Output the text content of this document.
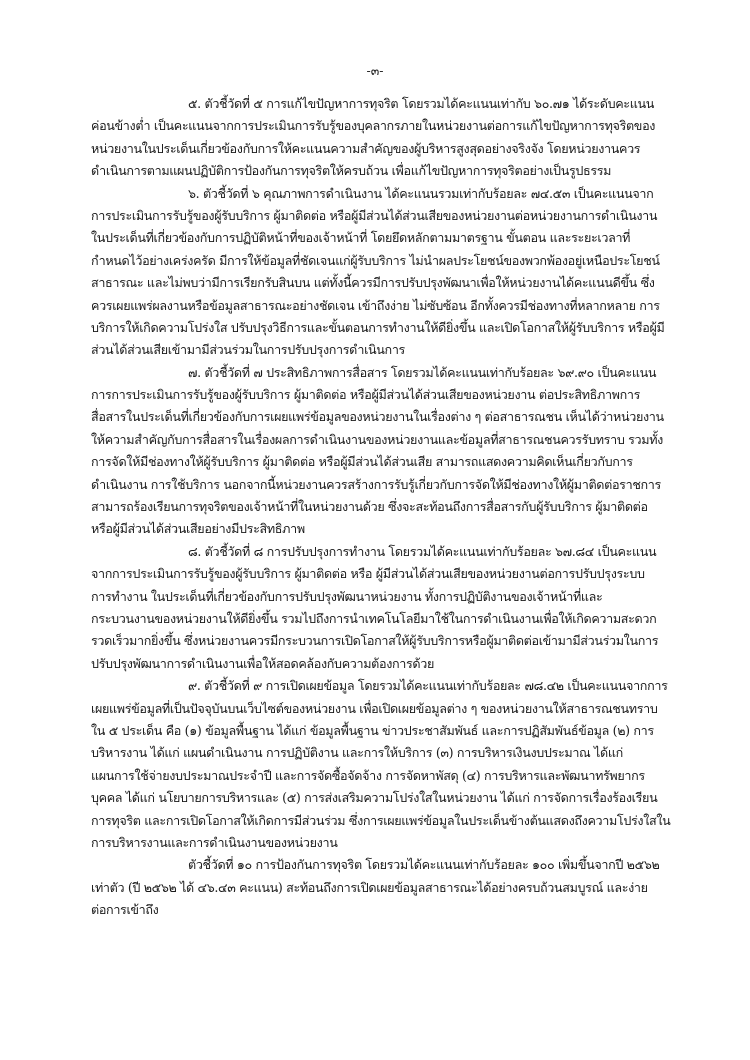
-๓-
๕. ตัวชี้วัดที่ ๕ การแก้ไขปัญหาการทุจริต โดยรวมได้คะแนนเท่ากับ ๖๐.๗๑ ได้ระดับคะแนน
ค่อนข้างต่ำ เป็นคะแนนจากการประเมินการรับรู้ของบุคลากรภายในหน่วยงานต่อการแก้ไขปัญหาการทุจริตของ
หน่วยงานในประเด็นเกี่ยวข้องกับการให้คะแนนความสำคัญของผู้บริหารสูงสุดอย่างจริงจัง โดยหน่วยงานควร
ดำเนินการตามแผนปฏิบัติการป้องกันการทุจริตให้ครบถ้วน เพื่อแก้ไขปัญหาการทุจริตอย่างเป็นรูปธรรม
๖. ตัวชี้วัดที่ ๖ คุณภาพการดำเนินงาน ได้คะแนนรวมเท่ากับร้อยละ ๗๔.๕๓ เป็นคะแนนจาก
การประเมินการรับรู้ของผู้รับบริการ ผู้มาติดต่อ หรือผู้มีส่วนได้ส่วนเสียของหน่วยงานต่อหน่วยงานการดำเนินงาน
ในประเด็นที่เกี่ยวข้องกับการปฏิบัติหน้าที่ของเจ้าหน้าที่ โดยยึดหลักตามมาตรฐาน ขั้นตอน และระยะเวลาที่
กำหนดไว้อย่างเคร่งครัด มีการให้ข้อมูลที่ชัดเจนแก่ผู้รับบริการ ไม่นำผลประโยชน์ของพวกพ้องอยู่เหนือประโยชน์
สาธารณะ และไม่พบว่ามีการเรียกรับสินบน แต่ทั้งนี้ควรมีการปรับปรุงพัฒนาเพื่อให้หน่วยงานได้คะแนนดีขึ้น ซึ่ง
ควรเผยแพร่ผลงานหรือข้อมูลสาธารณะอย่างชัดเจน เข้าถึงง่าย ไม่ซับซ้อน อีกทั้งควรมีช่องทางที่หลากหลาย การ
บริการให้เกิดความโปร่งใส ปรับปรุงวิธีการและขั้นตอนการทำงานให้ดียิ่งขึ้น และเปิดโอกาสให้ผู้รับบริการ หรือผู้มี
ส่วนได้ส่วนเสียเข้ามามีส่วนร่วมในการปรับปรุงการดำเนินการ
๗. ตัวชี้วัดที่ ๗ ประสิทธิภาพการสื่อสาร โดยรวมได้คะแนนเท่ากับร้อยละ ๖๙.๙๐ เป็นคะแนน
การการประเมินการรับรู้ของผู้รับบริการ ผู้มาติดต่อ หรือผู้มีส่วนได้ส่วนเสียของหน่วยงาน ต่อประสิทธิภาพการ
สื่อสารในประเด็นที่เกี่ยวข้องกับการเผยแพร่ข้อมูลของหน่วยงานในเรื่องต่าง ๆ ต่อสาธารณชน เห็นได้ว่าหน่วยงาน
ให้ความสำคัญกับการสื่อสารในเรื่องผลการดำเนินงานของหน่วยงานและข้อมูลที่สาธารณชนควรรับทราบ รวมทั้ง
การจัดให้มีช่องทางให้ผู้รับบริการ ผู้มาติดต่อ หรือผู้มีส่วนได้ส่วนเสีย สามารถแสดงความคิดเห็นเกี่ยวกับการ
ดำเนินงาน การใช้บริการ นอกจากนี้หน่วยงานควรสร้างการรับรู้เกี่ยวกับการจัดให้มีช่องทางให้ผู้มาติดต่อราชการ
สามารถร้องเรียนการทุจริตของเจ้าหน้าที่ในหน่วยงานด้วย ซึ่งจะสะท้อนถึงการสื่อสารกับผู้รับบริการ ผู้มาติดต่อ
หรือผู้มีส่วนได้ส่วนเสียอย่างมีประสิทธิภาพ
๘. ตัวชี้วัดที่ ๘ การปรับปรุงการทำงาน โดยรวมได้คะแนนเท่ากับร้อยละ ๖๗.๘๔ เป็นคะแนน
จากการประเมินการรับรู้ของผู้รับบริการ ผู้มาติดต่อ หรือ ผู้มีส่วนได้ส่วนเสียของหน่วยงานต่อการปรับปรุงระบบ
การทำงาน ในประเด็นที่เกี่ยวข้องกับการปรับปรุงพัฒนาหน่วยงาน ทั้งการปฏิบัติงานของเจ้าหน้าที่และ
กระบวนงานของหน่วยงานให้ดียิ่งขึ้น รวมไปถึงการนำเทคโนโลยีมาใช้ในการดำเนินงานเพื่อให้เกิดความสะดวก
รวดเร็วมากยิ่งขึ้น ซึ่งหน่วยงานควรมีกระบวนการเปิดโอกาสให้ผู้รับบริการหรือผู้มาติดต่อเข้ามามีส่วนร่วมในการ
ปรับปรุงพัฒนาการดำเนินงานเพื่อให้สอดคล้องกับความต้องการด้วย
๙. ตัวชี้วัดที่ ๙ การเปิดเผยข้อมูล โดยรวมได้คะแนนเท่ากับร้อยละ ๗๘.๔๒ เป็นคะแนนจากการ
เผยแพร่ข้อมูลที่เป็นปัจจุบันบนเว็บไซต์ของหน่วยงาน เพื่อเปิดเผยข้อมูลต่าง ๆ ของหน่วยงานให้สาธารณชนทราบ
ใน ๕ ประเด็น คือ (๑) ข้อมูลพื้นฐาน ได้แก่ ข้อมูลพื้นฐาน ข่าวประชาสัมพันธ์ และการปฏิสัมพันธ์ข้อมูล (๒) การ
บริหารงาน ได้แก่ แผนดำเนินงาน การปฏิบัติงาน และการให้บริการ (๓) การบริหารเงินงบประมาณ ได้แก่
แผนการใช้จ่ายงบประมาณประจำปี และการจัดซื้อจัดจ้าง การจัดหาพัสดุ (๔) การบริหารและพัฒนาทรัพยากร
บุคคล ได้แก่ นโยบายการบริหารและ (๕) การส่งเสริมความโปร่งใสในหน่วยงาน ได้แก่ การจัดการเรื่องร้องเรียน
การทุจริต และการเปิดโอกาสให้เกิดการมีส่วนร่วม ซึ่งการเผยแพร่ข้อมูลในประเด็นข้างต้นแสดงถึงความโปร่งใสใน
การบริหารงานและการดำเนินงานของหน่วยงาน
ตัวชี้วัดที่ ๑๐ การป้องกันการทุจริต โดยรวมได้คะแนนเท่ากับร้อยละ ๑๐๐ เพิ่มขึ้นจากปี ๒๕๖๒
เท่าตัว (ปี ๒๕๖๒ ได้ ๔๖.๔๓ คะแนน) สะท้อนถึงการเปิดเผยข้อมูลสาธารณะได้อย่างครบถ้วนสมบูรณ์ และง่าย
ต่อการเข้าถึง
